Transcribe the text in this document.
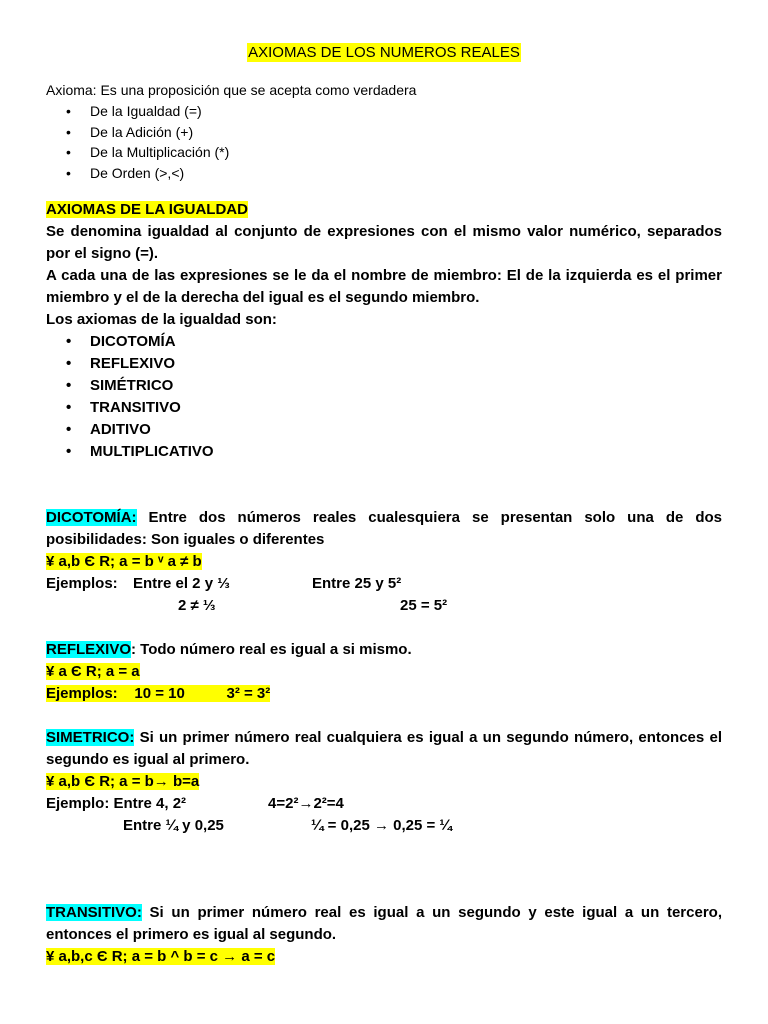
AXIOMAS DE LOS NUMEROS REALES
Axioma: Es una proposición que se acepta como verdadera
• De la Igualdad (=)
• De la Adición (+)
• De la Multiplicación (*)
• De Orden (>,<)
AXIOMAS DE LA IGUALDAD
Se denomina igualdad al conjunto de expresiones con el mismo valor numérico, separados por el signo (=).
A cada una de las expresiones se le da el nombre de miembro: El de la izquierda es el primer miembro y el de la derecha del igual es el segundo miembro.
Los axiomas de la igualdad son:
• DICOTOMÍA
• REFLEXIVO
• SIMÉTRICO
• TRANSITIVO
• ADITIVO
• MULTIPLICATIVO
DICOTOMÍA: Entre dos números reales cualesquiera se presentan solo una de dos posibilidades: Son iguales o diferentes
¥ a,b Є R; a = b ᵛ a ≠ b
Ejemplos: Entre el 2 y ⅓	Entre 25 y 5²
2 ≠ ⅓	25 = 5²
REFLEXIVO: Todo número real es igual a si mismo.
¥ a Є R; a = a
Ejemplos:    10 = 10          3² = 3²
SIMETRICO: Si un primer número real cualquiera es igual a un segundo número, entonces el segundo es igual al primero.
¥ a,b Є R; a = b→ b=a
Ejemplo: Entre 4, 2²	4=2²→2²=4
Entre ¼ y 0,25	¼ = 0,25 → 0,25 = ¼
TRANSITIVO: Si un primer número real es igual a un segundo y este igual a un tercero, entonces el primero es igual al segundo.
¥ a,b,c Є R; a = b ^ b = c → a = c
